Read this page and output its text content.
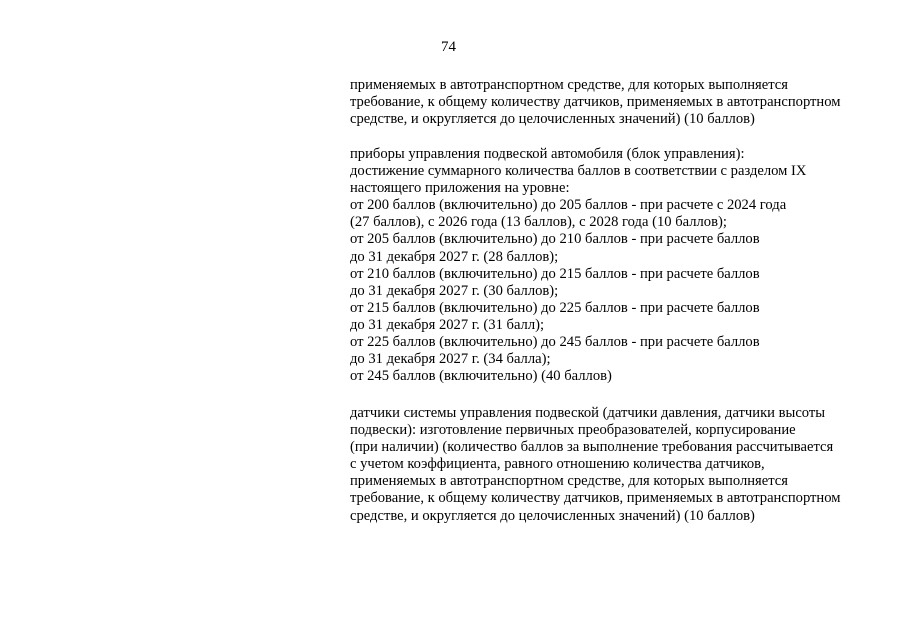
74
применяемых в автотранспортном средстве, для которых выполняется
требование, к общему количеству датчиков, применяемых в автотранспортном
средстве, и округляется до целочисленных значений) (10 баллов)
приборы управления подвеской автомобиля (блок управления):
достижение суммарного количества баллов в соответствии с разделом IX
настоящего приложения на уровне:
от 200 баллов (включительно) до 205 баллов - при расчете с 2024 года
(27 баллов), с 2026 года (13 баллов), с 2028 года (10 баллов);
от 205 баллов (включительно) до 210 баллов - при расчете баллов
до 31 декабря 2027 г. (28 баллов);
от 210 баллов (включительно) до 215 баллов - при расчете баллов
до 31 декабря 2027 г. (30 баллов);
от 215 баллов (включительно) до 225 баллов - при расчете баллов
до 31 декабря 2027 г. (31 балл);
от 225 баллов (включительно) до 245 баллов - при расчете баллов
до 31 декабря 2027 г. (34 балла);
от 245 баллов (включительно) (40 баллов)
датчики системы управления подвеской (датчики давления, датчики высоты
подвески): изготовление первичных преобразователей, корпусирование
(при наличии) (количество баллов за выполнение требования рассчитывается
с учетом коэффициента, равного отношению количества датчиков,
применяемых в автотранспортном средстве, для которых выполняется
требование, к общему количеству датчиков, применяемых в автотранспортном
средстве, и округляется до целочисленных значений) (10 баллов)
